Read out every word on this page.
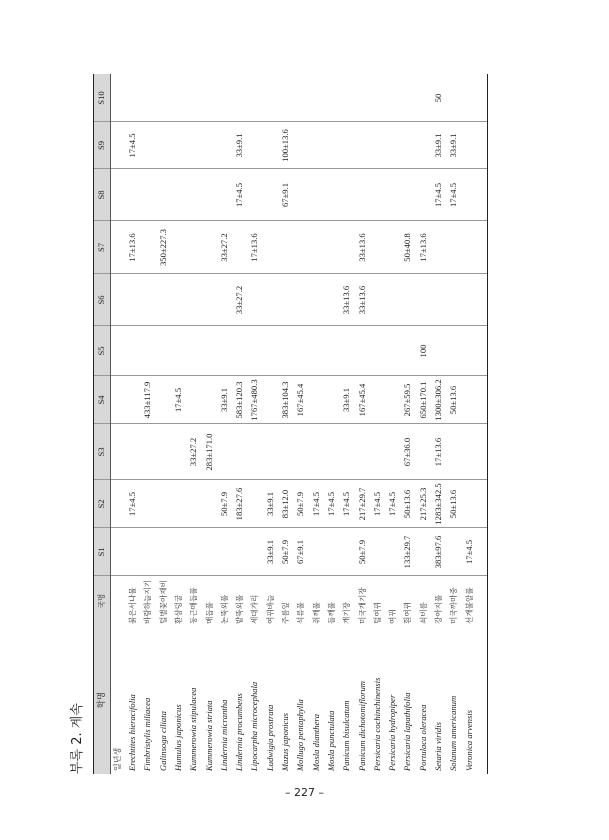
부록 2. 계속
학명
국명
S1
S2
S3
S4
S5
S6
S7
S8
S9
S10
일년생 Erechtites hieracifolia
붉은서나물
17±4.5
17±13.6
17±4.5
Fimbristylis miliacea
바람하늘지기
433±117.9
Galinsoga ciliata
털별꽃아재비
350±227.3
Humulus japonicus
환삼덩굴
17±4.5
Kummerowia stipulacea
둥근매듭풀
33±27.2
Kummerowia striata
매듭풀
283±171.0
Lindernia micrantha
논뚝외풀
50±7.9
33±9.1
33±27.2
Lindernia procumbens
밭뚝외풀
183±27.6
583±120.3
33±27.2
17±4.5
33±9.1
Lipocarpha microcephala
세대가리
1767±480.3
17±13.6
Ludwigia prostrata
여뀌바늘
33±9.1
33±9.1
Mazus japonicus
주름잎
50±7.9
83±12.0
383±104.3
67±9.1
100±13.6
Mollugo pentaphylla
석류풀
67±9.1
50±7.9
167±45.4
Mosla dianthera
쥐깨풀
17±4.5
Mosla punctulata
들깨풀
17±4.5
Panicum bisulcatum
개기장
17±4.5
33±9.1
33±13.6
Panicum dichotomiflorum
미국개기장
50±7.9
217±29.7
167±45.4
33±13.6
33±13.6
Persicaria cochinchinensis
털여뀌
17±4.5
Persicaria hydropiper
여뀌
17±4.5
Persicaria lapathifolia
흰여뀌
133±29.7
50±13.6
67±36.0
267±59.5
50±40.8
Portulaca oleracea
쇠비름
217±25.3
650±170.1
100
17±13.6
Setaria viridis
강아지풀
383±97.6
1283±342.5
17±13.6
1300±306.2
17±4.5
33±9.1
50
Solanum americanum
미국까마중
50±13.6
50±13.6
17±4.5
33±9.1
Veronica arvensis
선개불알풀
17±4.5
– 227 –
